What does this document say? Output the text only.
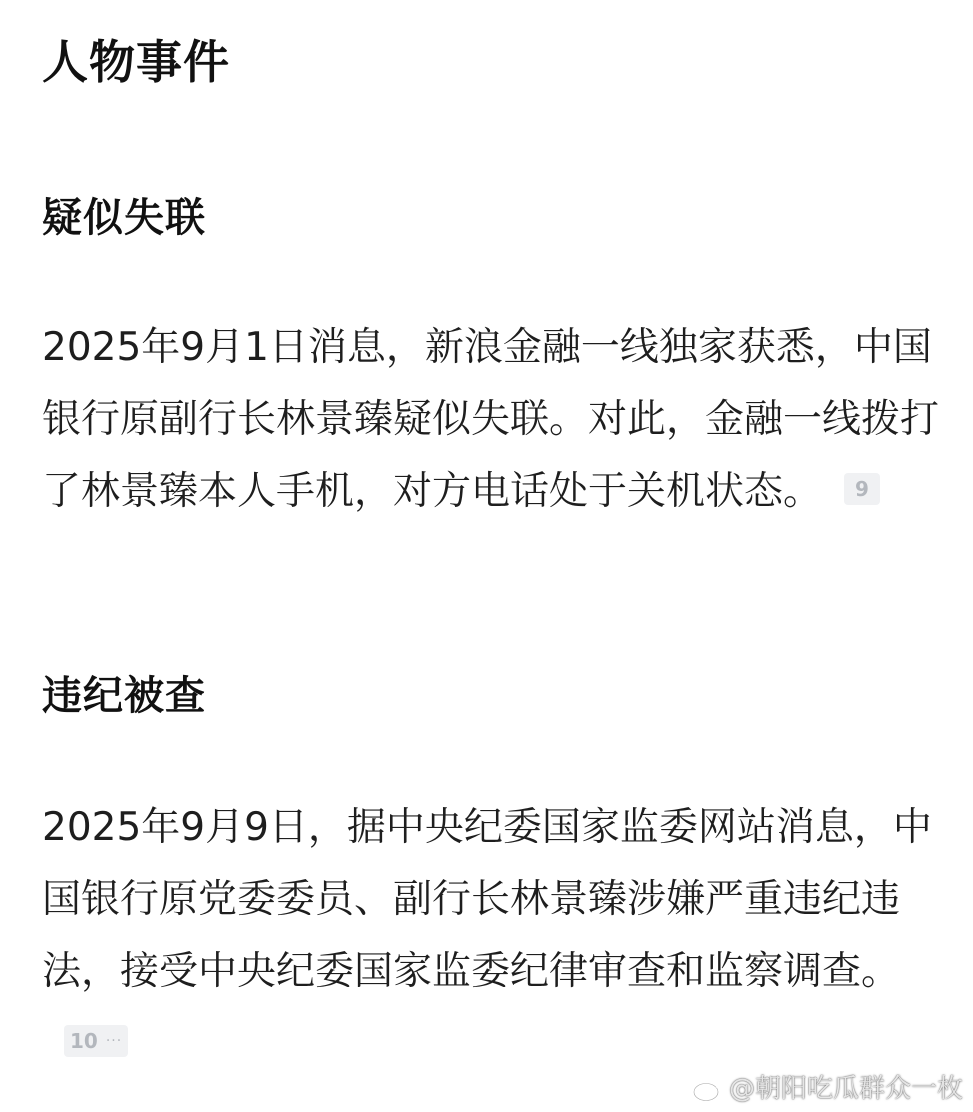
人物事件
疑似失联

2025年9月1日消息，新浪金融一线独家获悉，中国银行原副行长林景臻疑似失联。对此，金融一线拨打了林景臻本人手机，对方电话处于关机状态。 9

违纪被查

2025年9月9日，据中央纪委国家监委网站消息，中国银行原党委委员、副行长林景臻涉嫌严重违纪违法，接受中央纪委国家监委纪律审查和监察调查。
10 ···

@朝阳吃瓜群众一枚
